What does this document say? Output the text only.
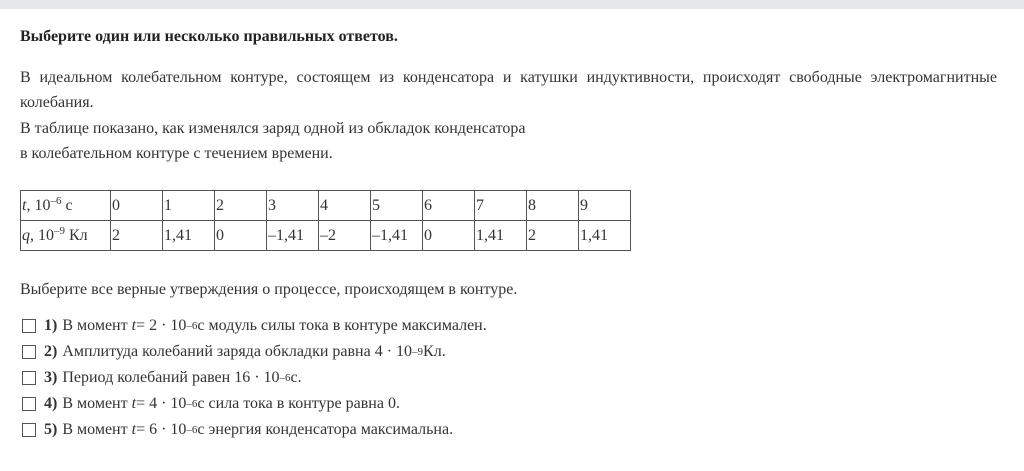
Выберите один или несколько правильных ответов.
В идеальном колебательном контуре, состоящем из конденсатора и катушки индуктивности, происходят свободные электромагнитные колебания.
В таблице показано, как изменялся заряд одной из обкладок конденсатора
в колебательном контуре с течением времени.
t, $10^{-6}$ с	0	1	2	3	4	5	6	7	8	9
q, $10^{-9}$ Кл	2	1,41	0	–1,41	–2	–1,41	0	1,41	2	1,41
Выберите все верные утверждения о процессе, происходящем в контуре.
1) В момент
t = 2 · 10 –6 с модуль силы тока в контуре максимален.
2) Амплитуда колебаний заряда обкладки равна
4 · 10 –9 Кл.
3) Период колебаний равен
16 · 10 –6 с.
4) В момент
t = 4 · 10 –6 с сила тока в контуре равна 0.
5) В момент
t = 6 · 10 –6 с энергия конденсатора максимальна.
